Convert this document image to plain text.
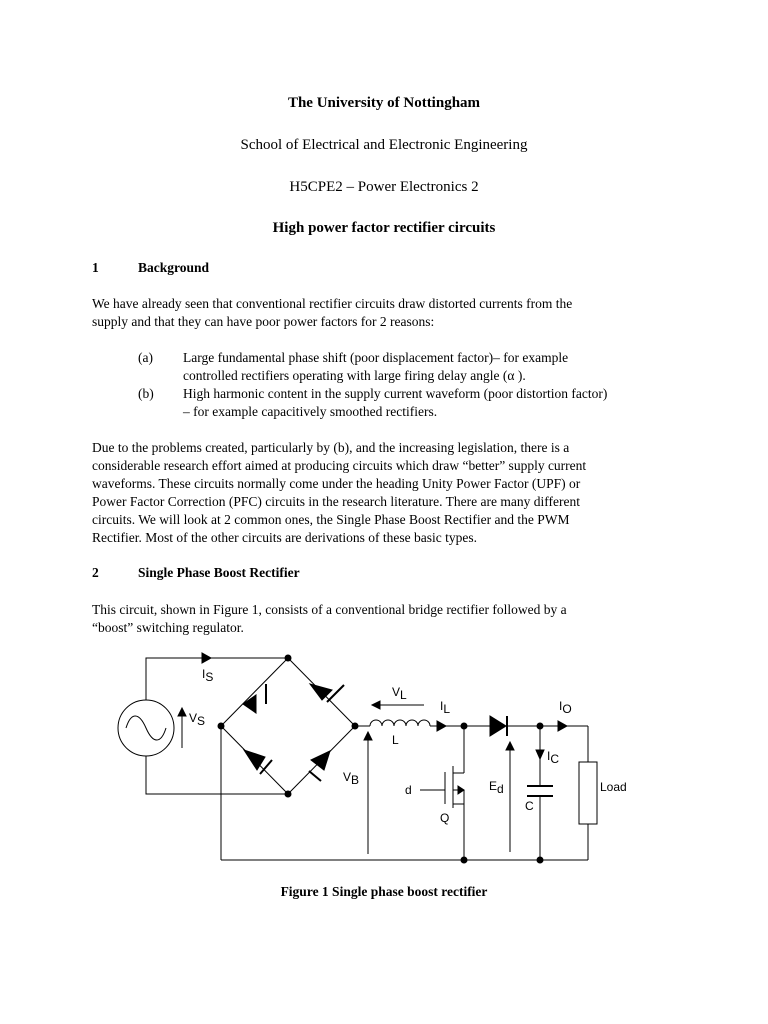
The University of Nottingham
School of Electrical and Electronic Engineering
H5CPE2 – Power Electronics 2
High power factor rectifier circuits
1	Background
We have already seen that conventional rectifier circuits draw distorted currents from the
supply and that they can have poor power factors for 2 reasons:
(a) Large fundamental phase shift (poor displacement factor)– for example
controlled rectifiers operating with large firing delay angle (α ).
(b) High harmonic content in the supply current waveform (poor distortion factor)
– for example capacitively smoothed rectifiers.
Due to the problems created, particularly by (b), and the increasing legislation, there is a
considerable research effort aimed at producing circuits which draw “better” supply current
waveforms. These circuits normally come under the heading Unity Power Factor (UPF) or
Power Factor Correction (PFC) circuits in the research literature. There are many different
circuits. We will look at 2 common ones, the Single Phase Boost Rectifier and the PWM
Rectifier. Most of the other circuits are derivations of these basic types.
2	Single Phase Boost Rectifier
This circuit, shown in Figure 1, consists of a conventional bridge rectifier followed by a
“boost” switching regulator.
IS
VS
VL
L
IL	IO
IC
VB	Ed
d
Q
C
Load
Figure 1 Single phase boost rectifier
